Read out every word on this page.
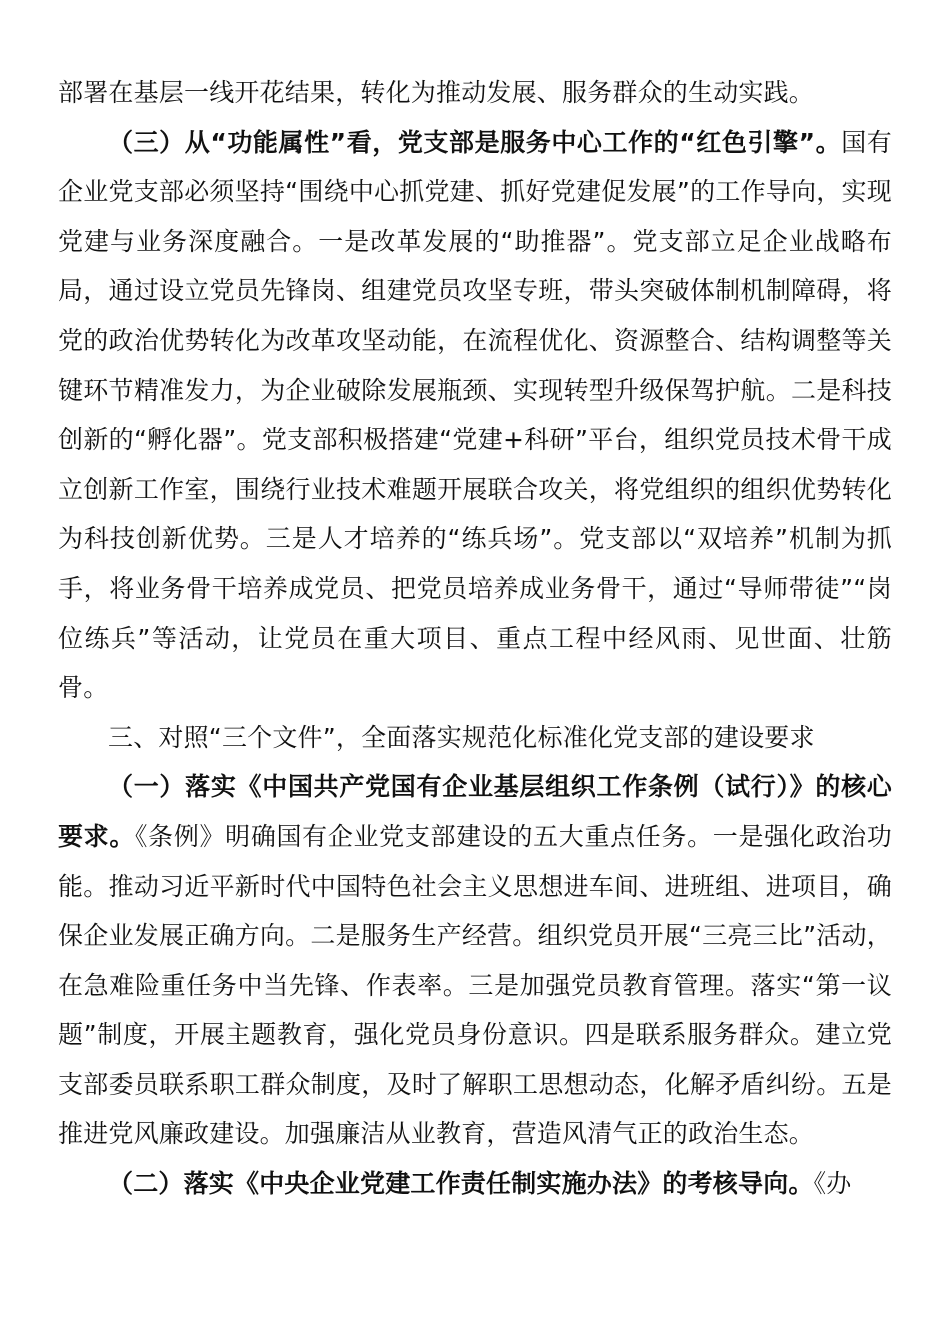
部署在基层一线开花结果，转化为推动发展、服务群众的生动实践。

（三）从“功能属性”看，党支部是服务中心工作的“红色引擎”。国有企业党支部必须坚持“围绕中心抓党建、抓好党建促发展”的工作导向，实现党建与业务深度融合。一是改革发展的“助推器”。党支部立足企业战略布局，通过设立党员先锋岗、组建党员攻坚专班，带头突破体制机制障碍，将党的政治优势转化为改革攻坚动能，在流程优化、资源整合、结构调整等关键环节精准发力，为企业破除发展瓶颈、实现转型升级保驾护航。二是科技创新的“孵化器”。党支部积极搭建“党建+科研”平台，组织党员技术骨干成立创新工作室，围绕行业技术难题开展联合攻关，将党组织的组织优势转化为科技创新优势。三是人才培养的“练兵场”。党支部以“双培养”机制为抓手，将业务骨干培养成党员、把党员培养成业务骨干，通过“导师带徒”“岗位练兵”等活动，让党员在重大项目、重点工程中经风雨、见世面、壮筋骨。

三、对照“三个文件”，全面落实规范化标准化党支部的建设要求

（一）落实《中国共产党国有企业基层组织工作条例（试行）》的核心要求。《条例》明确国有企业党支部建设的五大重点任务。一是强化政治功能。推动习近平新时代中国特色社会主义思想进车间、进班组、进项目，确保企业发展正确方向。二是服务生产经营。组织党员开展“三亮三比”活动，在急难险重任务中当先锋、作表率。三是加强党员教育管理。落实“第一议题”制度，开展主题教育，强化党员身份意识。四是联系服务群众。建立党支部委员联系职工群众制度，及时了解职工思想动态，化解矛盾纠纷。五是推进党风廉政建设。加强廉洁从业教育，营造风清气正的政治生态。

（二）落实《中央企业党建工作责任制实施办法》的考核导向。《办
